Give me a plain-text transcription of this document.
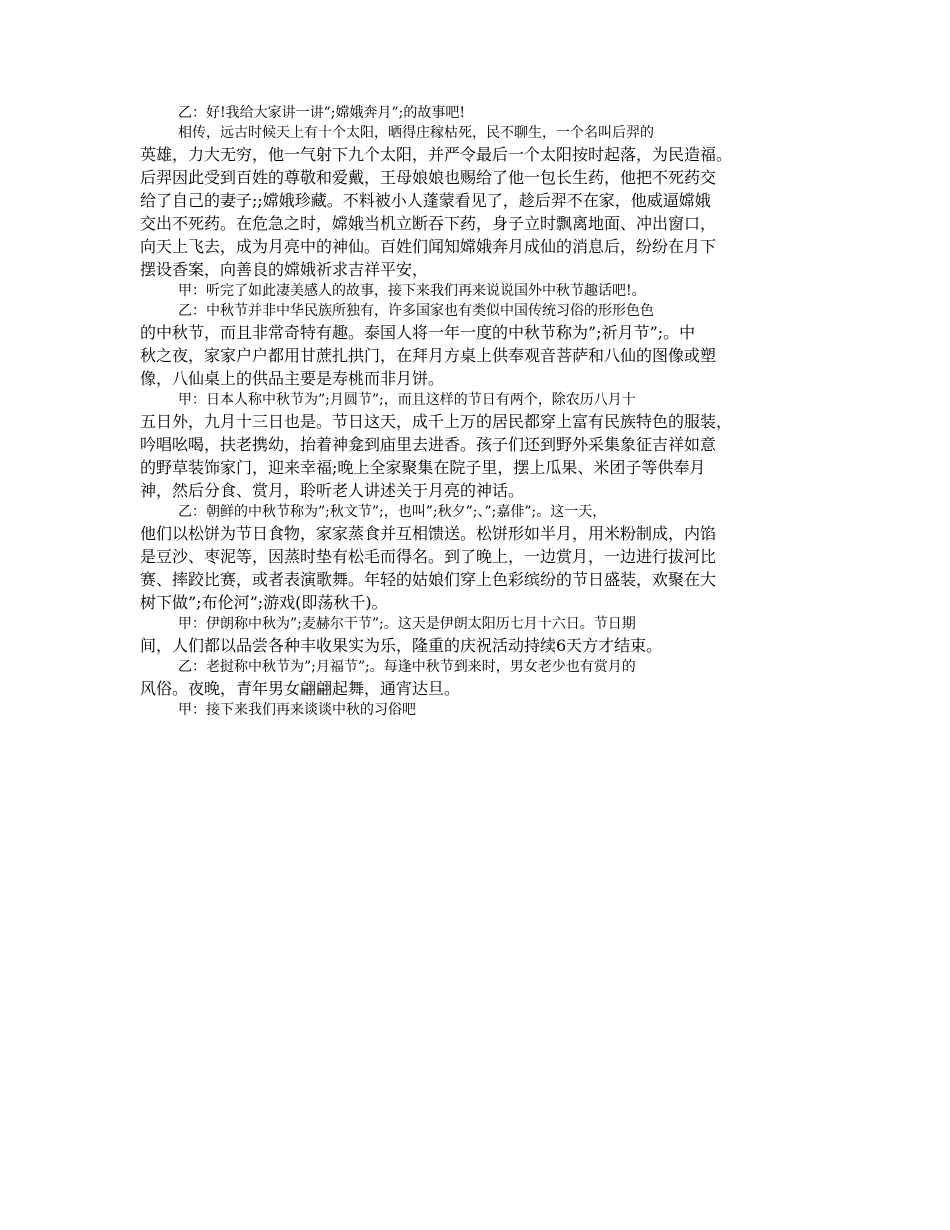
乙：好!我给大家讲一讲”;嫦娥奔月”;的故事吧!
相传，远古时候天上有十个太阳，晒得庄稼枯死，民不聊生，一个名叫后羿的
英雄，力大无穷，他一气射下九个太阳，并严令最后一个太阳按时起落，为民造福。
后羿因此受到百姓的尊敬和爱戴，王母娘娘也赐给了他一包长生药，他把不死药交
给了自己的妻子;;嫦娥珍藏。不料被小人蓬蒙看见了，趁后羿不在家，他威逼嫦娥
交出不死药。在危急之时，嫦娥当机立断吞下药，身子立时飘离地面、冲出窗口，
向天上飞去，成为月亮中的神仙。百姓们闻知嫦娥奔月成仙的消息后，纷纷在月下
摆设香案，向善良的嫦娥祈求吉祥平安，
甲：听完了如此凄美感人的故事，接下来我们再来说说国外中秋节趣话吧!。
乙：中秋节并非中华民族所独有，许多国家也有类似中国传统习俗的形形色色
的中秋节，而且非常奇特有趣。泰国人将一年一度的中秋节称为”;祈月节”;。中
秋之夜，家家户户都用甘蔗扎拱门，在拜月方桌上供奉观音菩萨和八仙的图像或塑
像，八仙桌上的供品主要是寿桃而非月饼。
甲：日本人称中秋节为”;月圆节”;，而且这样的节日有两个，除农历八月十
五日外，九月十三日也是。节日这天，成千上万的居民都穿上富有民族特色的服装，
吟唱吆喝，扶老携幼，抬着神龛到庙里去进香。孩子们还到野外采集象征吉祥如意
的野草装饰家门，迎来幸福;晚上全家聚集在院子里，摆上瓜果、米团子等供奉月
神，然后分食、赏月，聆听老人讲述关于月亮的神话。
乙：朝鲜的中秋节称为”;秋文节”;，也叫”;秋夕”;、”;嘉俳”;。这一天，
他们以松饼为节日食物，家家蒸食并互相馈送。松饼形如半月，用米粉制成，内馅
是豆沙、枣泥等，因蒸时垫有松毛而得名。到了晚上，一边赏月，一边进行拔河比
赛、摔跤比赛，或者表演歌舞。年轻的姑娘们穿上色彩缤纷的节日盛装，欢聚在大
树下做”;布伦河”;游戏(即荡秋千)。
甲：伊朗称中秋为”;麦赫尔干节”;。这天是伊朗太阳历七月十六日。节日期
间，人们都以品尝各种丰收果实为乐，隆重的庆祝活动持续6天方才结束。
乙：老挝称中秋节为”;月福节”;。每逢中秋节到来时，男女老少也有赏月的
风俗。夜晚，青年男女翩翩起舞，通宵达旦。
甲：接下来我们再来谈谈中秋的习俗吧
